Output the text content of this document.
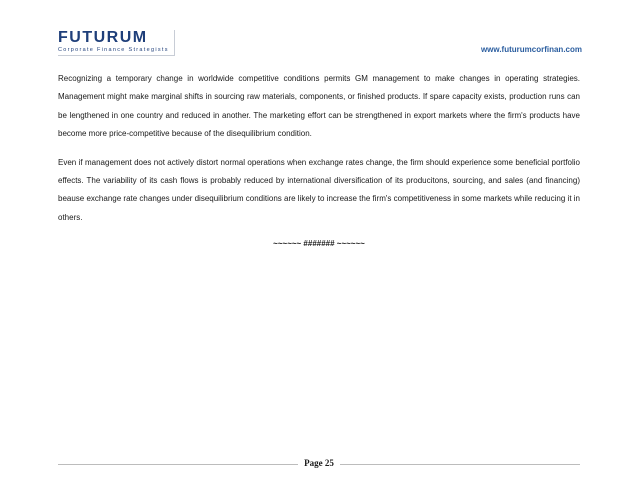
FUTURUM
Corporate Finance Strategists	www.futurumcorfinan.com

Recognizing a temporary change in worldwide competitive conditions permits GM management to make changes in operating strategies. Management might make marginal shifts in sourcing raw materials, components, or finished products. If spare capacity exists, production runs can be lengthened in one country and reduced in another. The marketing effort can be strengthened in export markets where the firm's products have become more price-competitive because of the disequilibrium condition.

Even if management does not actively distort normal operations when exchange rates change, the firm should experience some beneficial portfolio effects. The variability of its cash flows is probably reduced by international diversification of its producitons, sourcing, and sales (and financing) beause exchange rate changes under disequilibrium conditions are likely to increase the firm's competitiveness in some markets while reducing it in others.

~~~~~~ ####### ~~~~~~
Page 25
